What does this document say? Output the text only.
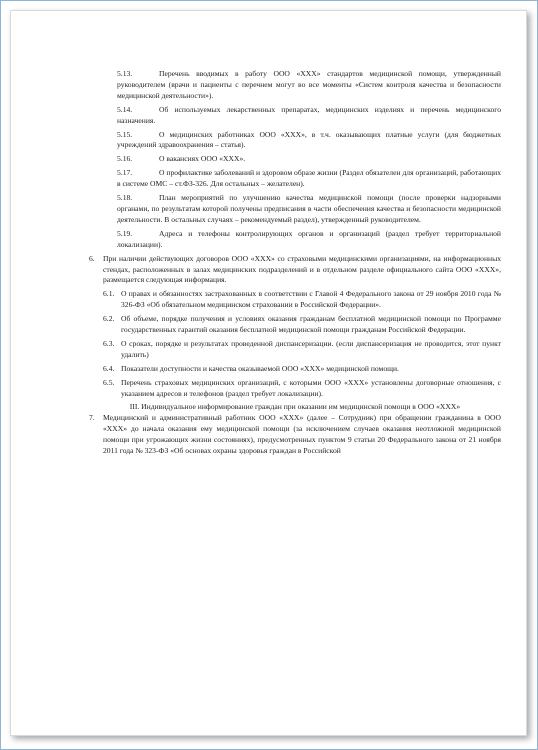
5.13.	Перечень вводимых в работу ООО «ХХХ» стандартов медицинской помощи, утвержденный руководителем (врачи и пациенты с перечнем могут во все моменты «Систем контроля качества и безопасности медицинской деятельности»).
5.14.	Об используемых лекарственных препаратах, медицинских изделиях и перечень медицинского назначения.
5.15.	О медицинских работниках ООО «ХХХ», в т.ч. оказывающих платные услуги (для бюджетных учреждений здравоохранения – статья).
5.16.	О вакансиях ООО «ХХХ».
5.17.	О профилактике заболеваний и здоровом образе жизни (Раздел обязателен для организаций, работающих в системе ОМС – ст.ФЗ-326. Для остальных – желателен).
5.18.	План мероприятий по улучшению качества медицинской помощи (после проверки надзорными органами, по результатам которой получены предписания в части обеспечения качества и безопасности медицинской деятельности. В остальных случаях – рекомендуемый раздел), утвержденный руководителем.
5.19.	Адреса и телефоны контролирующих органов и организаций (раздел требует территориальной локализации).
6.	При наличии действующих договоров ООО «ХХХ» со страховыми медицинскими организациями, на информационных стендах, расположенных в залах медицинских подразделений и в отдельном разделе официального сайта ООО «ХХХ», размещается следующая информация.
6.1. О правах и обязанностях застрахованных в соответствии с Главой 4 Федерального закона от 29 ноября 2010 года № 326-ФЗ «Об обязательном медицинском страховании в Российской Федерации».
6.2. Об объеме, порядке получения и условиях оказания гражданам бесплатной медицинской помощи по Программе государственных гарантий оказания бесплатной медицинской помощи гражданам Российской Федерации.
6.3. О сроках, порядке и результатах проведенной диспансеризации. (если диспансеризация не проводится, этот пункт удалить)
6.4. Показатели доступности и качества оказываемой ООО «ХХХ» медицинской помощи.
6.5. Перечень страховых медицинских организаций, с которыми ООО «ХХХ» установлены договорные отношения, с указанием адресов и телефонов (раздел требует локализации).

III. Индивидуальное информирование граждан при оказании им медицинской помощи в ООО «ХХХ»

7.	Медицинский и административный работник ООО «ХХХ» (далее – Сотрудник) при обращении гражданина в ООО «ХХХ» до начала оказания ему медицинской помощи (за исключением случаев оказания неотложной медицинской помощи при угрожающих жизни состояниях), предусмотренных пунктом 9 статьи 20 Федерального закона от 21 ноября 2011 года № 323-ФЗ «Об основах охраны здоровья граждан в Российской
